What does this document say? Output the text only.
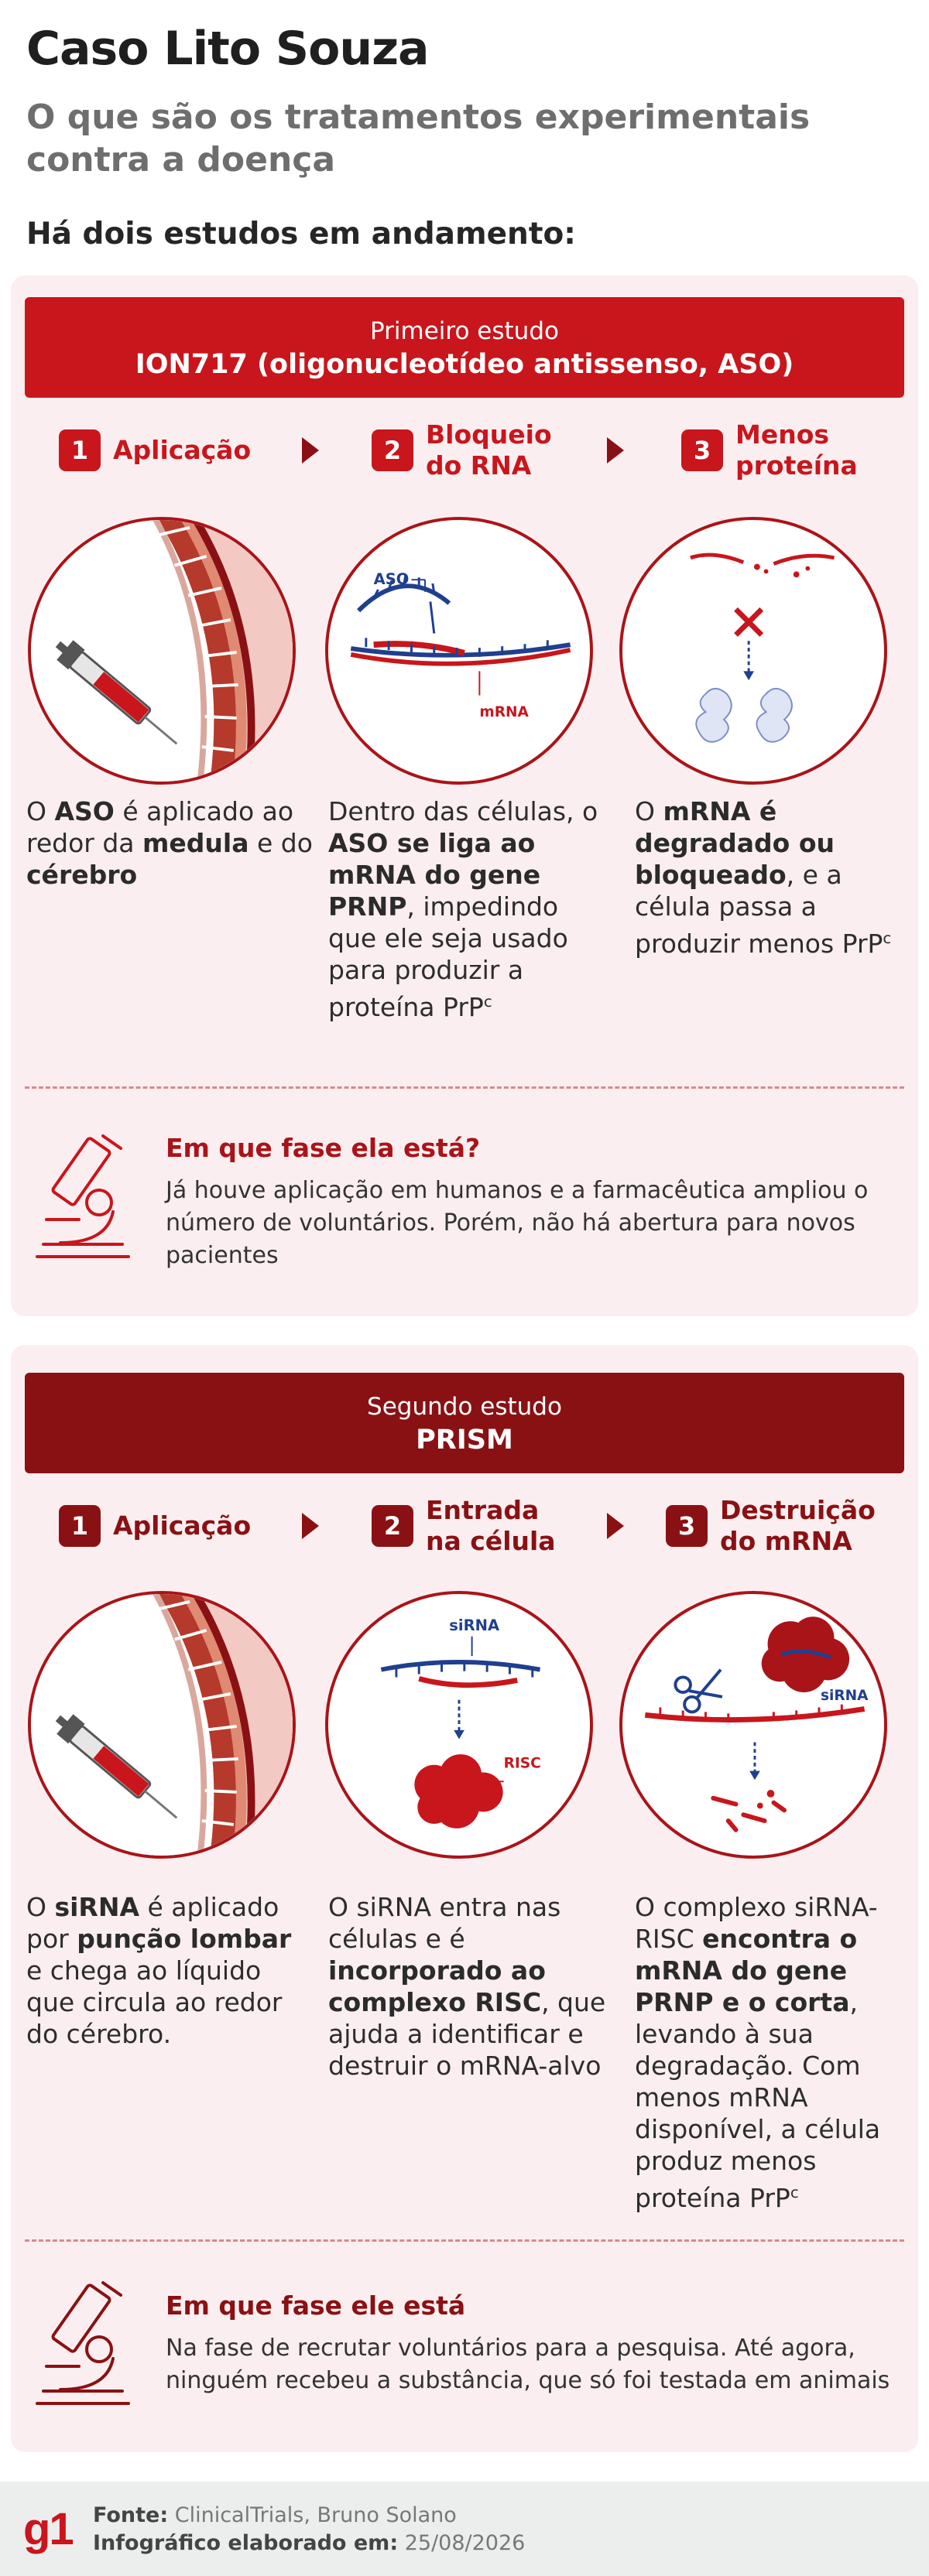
Caso Lito Souza
O que são os tratamentos experimentais contra a doença
Há dois estudos em andamento:
Primeiro estudo
ION717 (oligonucleotídeo antissenso, ASO)
1 Aplicação	2
Bloqueio do RNA	3
Menos proteína
ASO
mRNA
O ASO é aplicado ao redor da medula e do cérebro
Dentro das células, o ASO se liga ao mRNA do gene PRNP, impedindo que ele seja usado para produzir a proteína PrP$^c$
O mRNA é degradado ou bloqueado, e a célula passa a produzir menos PrP$^c$
Em que fase ela está?
Já houve aplicação em humanos e a farmacêutica ampliou o número de voluntários. Porém, não há abertura para novos pacientes
Segundo estudo
PRISM
1 Aplicação	2
Entrada na célula	3
Destruição do mRNA
siRNA
RISC
siRNA
O siRNA é aplicado por punção lombar e chega ao líquido que circula ao redor do cérebro.
O siRNA entra nas células e é incorporado ao complexo RISC, que ajuda a identificar e destruir o mRNA-alvo
O complexo siRNA-RISC encontra o mRNA do gene PRNP e o corta, levando à sua degradação. Com menos mRNA disponível, a célula produz menos proteína PrP$^c$
Em que fase ele está
Na fase de recrutar voluntários para a pesquisa. Até agora, ninguém recebeu a substância, que só foi testada em animais
g1 Fonte: ClinicalTrials, Bruno Solano
Infográfico elaborado em: 25/08/2026
